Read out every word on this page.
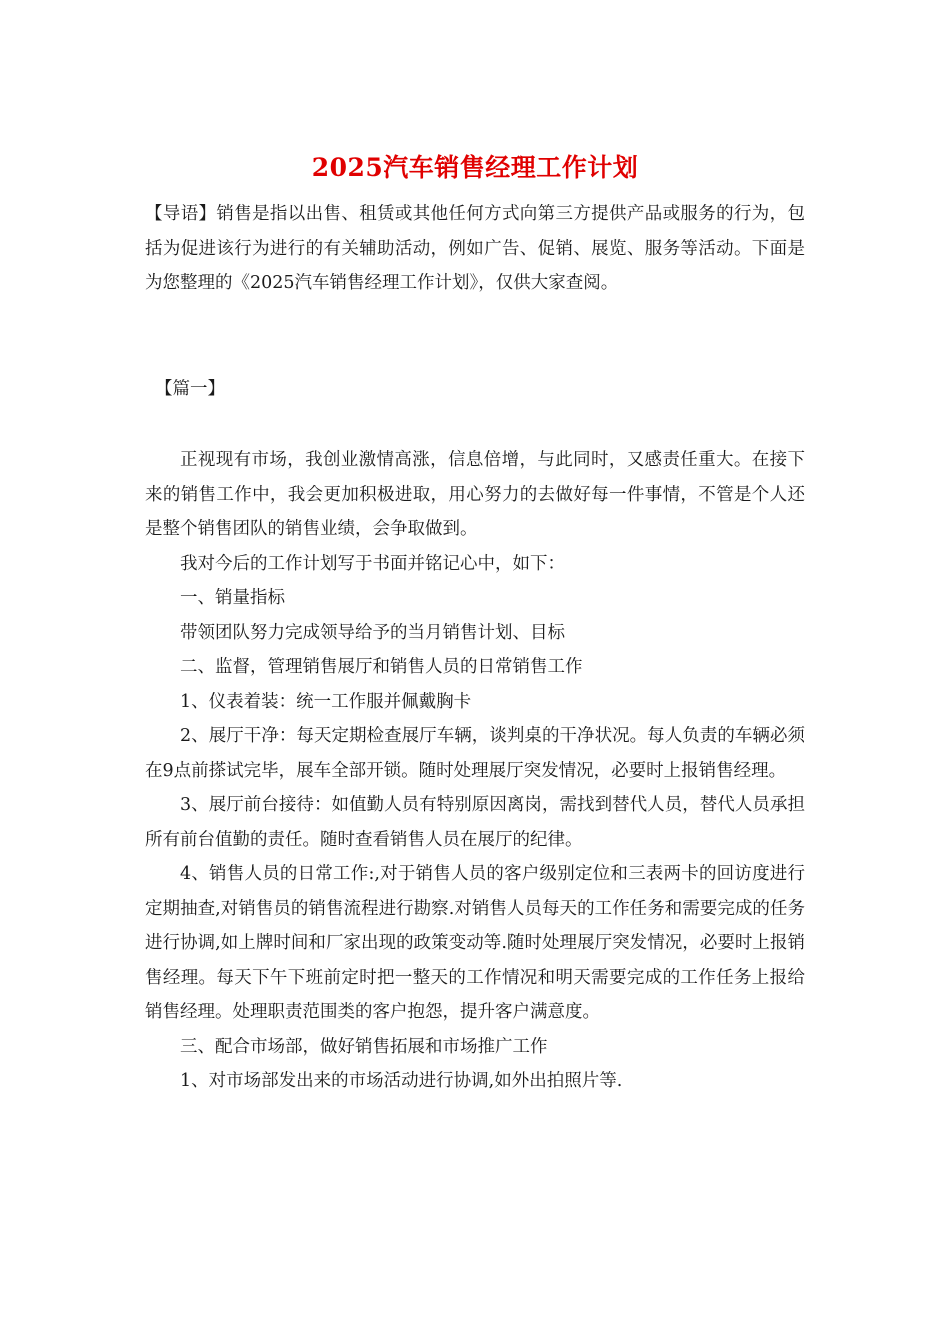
2025汽车销售经理工作计划

【导语】销售是指以出售、租赁或其他任何方式向第三方提供产品或服务的行为，包括为促进该行为进行的有关辅助活动，例如广告、促销、展览、服务等活动。下面是为您整理的《2025汽车销售经理工作计划》，仅供大家查阅。

【篇一】

正视现有市场，我创业激情高涨，信息倍增，与此同时，又感责任重大。在接下来的销售工作中，我会更加积极进取，用心努力的去做好每一件事情，不管是个人还是整个销售团队的销售业绩，会争取做到。

我对今后的工作计划写于书面并铭记心中，如下：

一、销量指标

带领团队努力完成领导给予的当月销售计划、目标

二、监督，管理销售展厅和销售人员的日常销售工作

1、仪表着装：统一工作服并佩戴胸卡

2、展厅干净：每天定期检查展厅车辆，谈判桌的干净状况。每人负责的车辆必须在9点前搽试完毕，展车全部开锁。随时处理展厅突发情况，必要时上报销售经理。

3、展厅前台接待：如值勤人员有特别原因离岗，需找到替代人员，替代人员承担所有前台值勤的责任。随时查看销售人员在展厅的纪律。

4、销售人员的日常工作:,对于销售人员的客户级别定位和三表两卡的回访度进行定期抽查,对销售员的销售流程进行勘察.对销售人员每天的工作任务和需要完成的任务进行协调,如上牌时间和厂家出现的政策变动等.随时处理展厅突发情况，必要时上报销售经理。每天下午下班前定时把一整天的工作情况和明天需要完成的工作任务上报给销售经理。处理职责范围类的客户抱怨，提升客户满意度。

三、配合市场部，做好销售拓展和市场推广工作

1、对市场部发出来的市场活动进行协调,如外出拍照片等.
